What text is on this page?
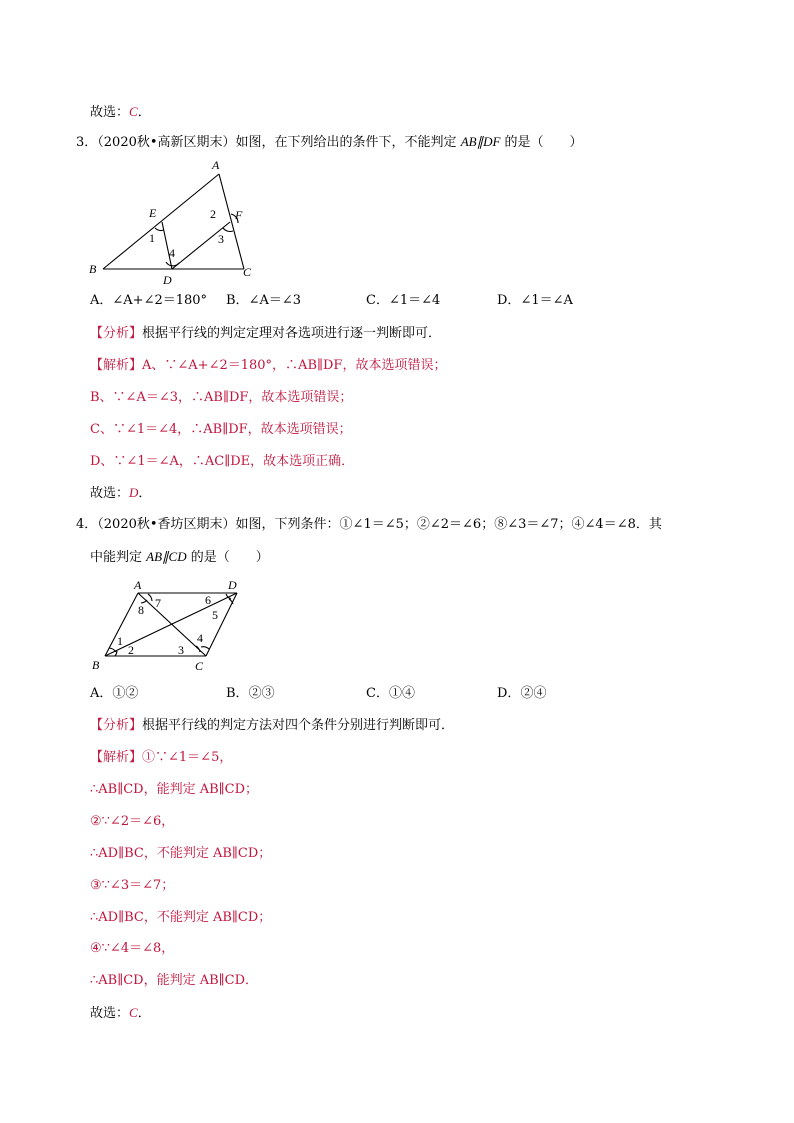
故选：C．
3．（2020秋•高新区期末）如图，在下列给出的条件下，不能判定 AB∥DF 的是（　　）
A
B	C
D
E	F
1
2
3
4
A．∠A+∠2＝180° B．∠A＝∠3	C．∠1＝∠4	D．∠1＝∠A
【分析】根据平行线的判定定理对各选项进行逐一判断即可．
【解析】A、∵∠A+∠2＝180°，∴AB∥DF，故本选项错误；
B、∵∠A＝∠3，∴AB∥DF，故本选项错误；
C、∵∠1＝∠4，∴AB∥DF，故本选项错误；
D、∵∠1＝∠A，∴AC∥DE，故本选项正确．
故选：D．
4．（2020秋•香坊区期末）如图，下列条件：①∠1＝∠5；②∠2＝∠6；⑧∠3＝∠7；④∠4＝∠8．其
中能判定 AB∥CD 的是（　　）
A
B	C
D
1
2	3
4
5
6
7
8
A．①②	B．②③	C．①④	D．②④
【分析】根据平行线的判定方法对四个条件分别进行判断即可．
【解析】①∵∠1＝∠5，
∴AB∥CD，能判定 AB∥CD；
②∵∠2＝∠6，
∴AD∥BC，不能判定 AB∥CD；
③∵∠3＝∠7；
∴AD∥BC，不能判定 AB∥CD；
④∵∠4＝∠8，
∴AB∥CD，能判定 AB∥CD．
故选：C．
